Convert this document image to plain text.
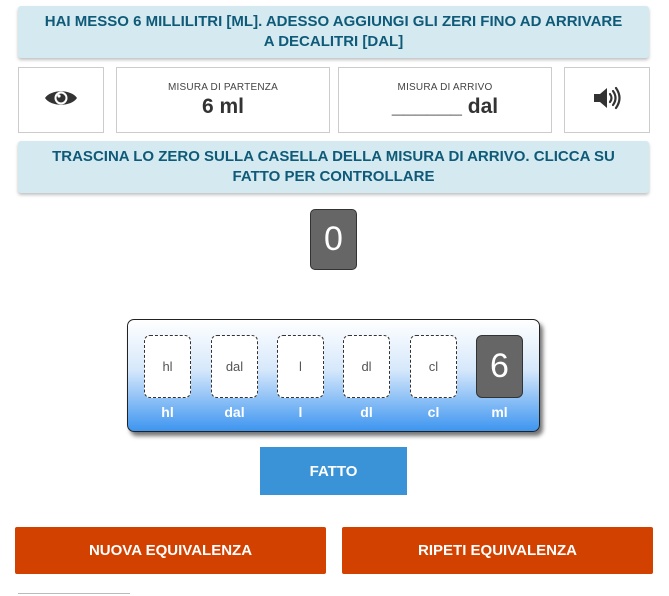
HAI MESSO 6 MILLILITRI [ML]. ADESSO AGGIUNGI GLI ZERI FINO AD ARRIVARE A DECALITRI [DAL]
MISURA DI PARTENZA
6 ml
MISURA DI ARRIVO
______ dal
TRASCINA LO ZERO SULLA CASELLA DELLA MISURA DI ARRIVO. CLICCA SU FATTO PER CONTROLLARE
0
hl
hl
dal
dal
l
l
dl
dl
cl
cl
6
ml
FATTO
NUOVA EQUIVALENZA	RIPETI EQUIVALENZA
